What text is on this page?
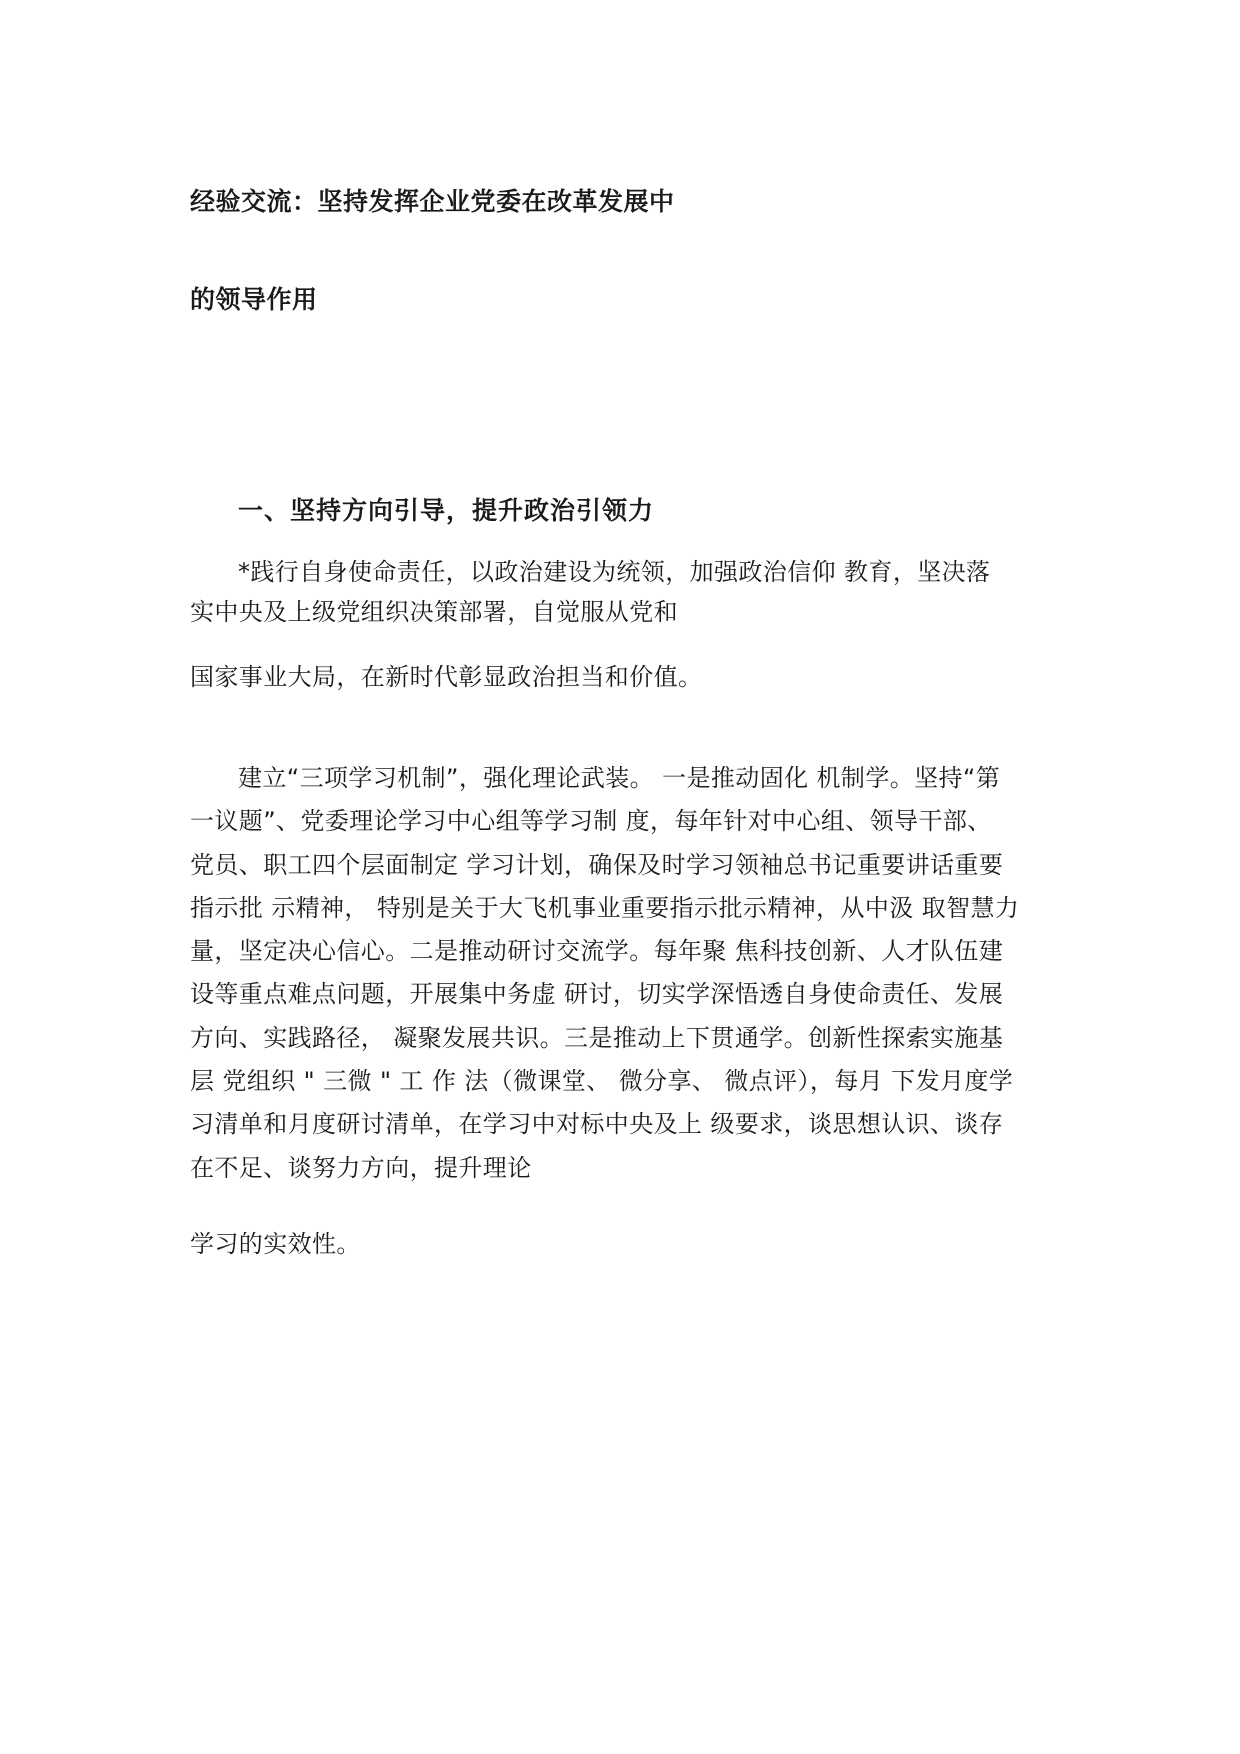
经验交流：坚持发挥企业党委在改革发展中
的领导作用
一、坚持方向引导，提升政治引领力
*践行自身使命责任，以政治建设为统领，加强政治信仰 教育，坚决落
实中央及上级党组织决策部署，自觉服从党和
国家事业大局，在新时代彰显政治担当和价值。
建立“三项学习机制”，强化理论武装。 一是推动固化 机制学。坚持“第
一议题”、党委理论学习中心组等学习制 度，每年针对中心组、领导干部、
党员、职工四个层面制定 学习计划，确保及时学习领袖总书记重要讲话重要
指示批 示精神， 特别是关于大飞机事业重要指示批示精神，从中汲 取智慧力
量，坚定决心信心。二是推动研讨交流学。每年聚 焦科技创新、人才队伍建
设等重点难点问题，开展集中务虚 研讨，切实学深悟透自身使命责任、发展
方向、实践路径， 凝聚发展共识。三是推动上下贯通学。创新性探索实施基
层 党组织 " 三微 " 工 作 法（微课堂、 微分享、 微点评），每月 下发月度学
习清单和月度研讨清单，在学习中对标中央及上 级要求，谈思想认识、谈存
在不足、谈努力方向，提升理论
学习的实效性。
